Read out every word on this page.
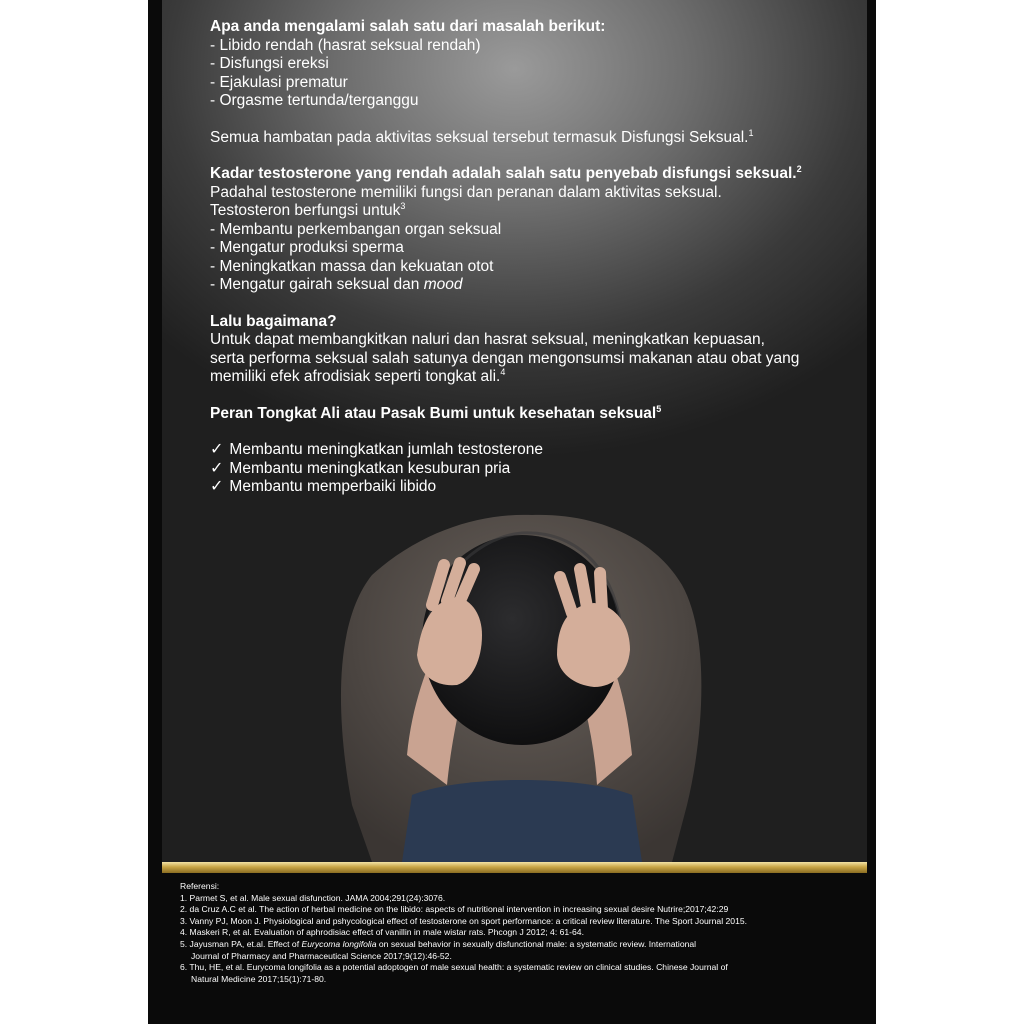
Apa anda mengalami salah satu dari masalah berikut:

- Libido rendah (hasrat seksual rendah)

- Disfungsi ereksi

- Ejakulasi prematur

- Orgasme tertunda/terganggu

Semua hambatan pada aktivitas seksual tersebut termasuk Disfungsi Seksual.$^1$

Kadar testosterone yang rendah adalah salah satu penyebab disfungsi seksual.$^2$

Padahal testosterone memiliki fungsi dan peranan dalam aktivitas seksual.

Testosteron berfungsi untuk$^3$

- Membantu perkembangan organ seksual

- Mengatur produksi sperma

- Meningkatkan massa dan kekuatan otot

- Mengatur gairah seksual dan mood

Lalu bagaimana?

Untuk dapat membangkitkan naluri dan hasrat seksual, meningkatkan kepuasan,

serta performa seksual salah satunya dengan mengonsumsi makanan atau obat yang

memiliki efek afrodisiak seperti tongkat ali.$^4$

Peran Tongkat Ali atau Pasak Bumi untuk kesehatan seksual$^5$

✓ Membantu meningkatkan jumlah testosterone

✓ Membantu meningkatkan kesuburan pria

✓ Membantu memperbaiki libido

Referensi:

1. Parmet S, et al. Male sexual disfunction. JAMA 2004;291(24):3076.

2. da Cruz A.C et al. The action of herbal medicine on the libido: aspects of nutritional intervention in increasing sexual desire Nutrire;2017;42:29

3. Vanny PJ, Moon J. Physiological and pshycological effect of testosterone on sport performance: a critical review literature. The Sport Journal 2015.

4. Maskeri R, et al. Evaluation of aphrodisiac effect of vanillin in male wistar rats. Phcogn J 2012; 4: 61-64.

5. Jayusman PA, et.al. Effect of Eurycoma longifolia on sexual behavior in sexually disfunctional male: a systematic review. International

Journal of Pharmacy and Pharmaceutical Science 2017;9(12):46-52.

6. Thu, HE, et al. Eurycoma longifolia as a potential adoptogen of male sexual health: a systematic review on clinical studies. Chinese Journal of

Natural Medicine 2017;15(1):71-80.
